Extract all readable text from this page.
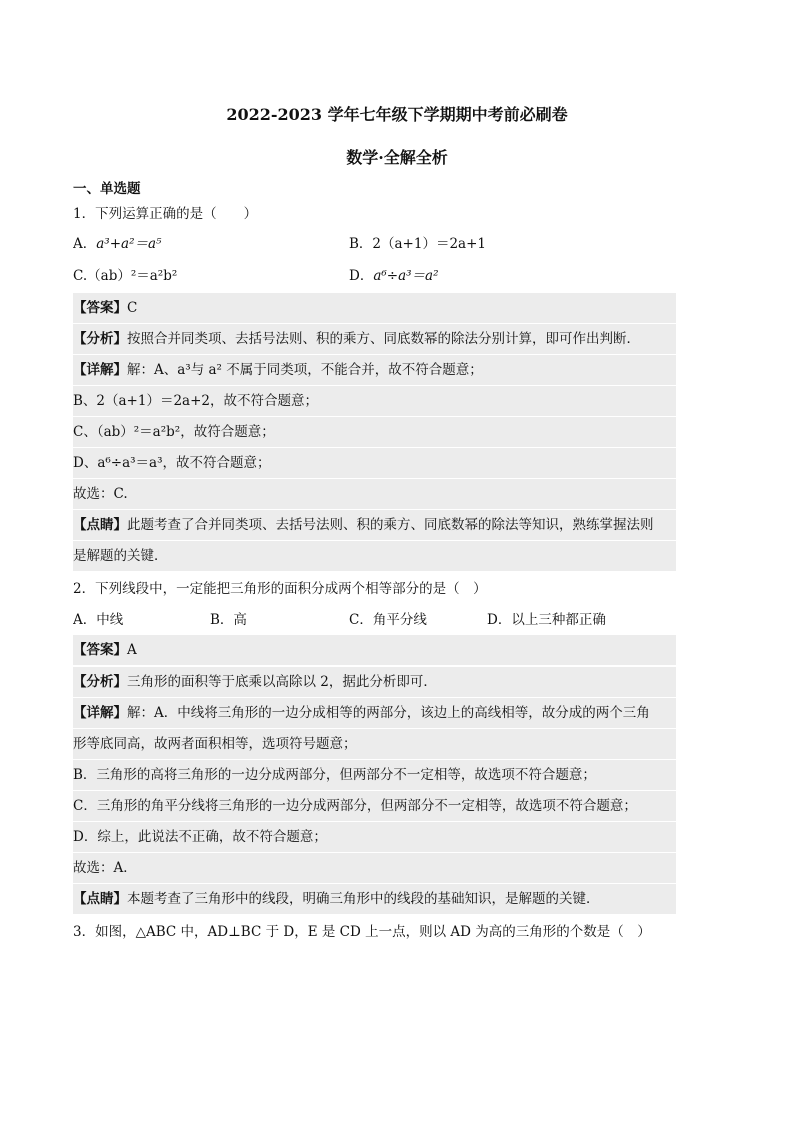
2022-2023 学年七年级下学期期中考前必刷卷
数学·全解全析
一、单选题
1．下列运算正确的是（　　）
A．a³+a²＝a⁵	B．2（a+1）＝2a+1
C.（ab）²＝a²b²	D．a⁶÷a³＝a²
【答案】C
【分析】按照合并同类项、去括号法则、积的乘方、同底数幂的除法分别计算，即可作出判断．
【详解】解：A、a³与 a² 不属于同类项，不能合并，故不符合题意；
B、2（a+1）＝2a+2，故不符合题意；
C、（ab）²＝a²b²，故符合题意；
D、a⁶÷a³＝a³，故不符合题意；
故选：C.
【点睛】此题考查了合并同类项、去括号法则、积的乘方、同底数幂的除法等知识，熟练掌握法则
是解题的关键．
2．下列线段中，一定能把三角形的面积分成两个相等部分的是（　）
A．中线	B．高	C．角平分线	D．以上三种都正确
【答案】A
【分析】三角形的面积等于底乘以高除以 2，据此分析即可．
【详解】解：A．中线将三角形的一边分成相等的两部分，该边上的高线相等，故分成的两个三角
形等底同高，故两者面积相等，选项符号题意；
B．三角形的高将三角形的一边分成两部分，但两部分不一定相等，故选项不符合题意；
C．三角形的角平分线将三角形的一边分成两部分，但两部分不一定相等，故选项不符合题意；
D．综上，此说法不正确，故不符合题意；
故选：A．
【点睛】本题考查了三角形中的线段，明确三角形中的线段的基础知识，是解题的关键．
3．如图，△ABC 中，AD⊥BC 于 D，E 是 CD 上一点，则以 AD 为高的三角形的个数是（　）
